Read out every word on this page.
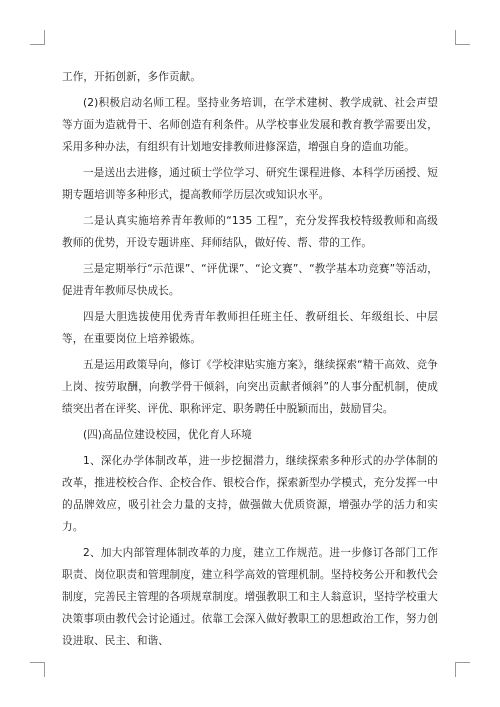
工作，开拓创新，多作贡献。

(2)积极启动名师工程。坚持业务培训，在学术建树、教学成就、社会声望等方面为造就骨干、名师创造有利条件。从学校事业发展和教育教学需要出发，采用多种办法，有组织有计划地安排教师进修深造，增强自身的造血功能。

一是送出去进修，通过硕士学位学习、研究生课程进修、本科学历函授、短期专题培训等多种形式，提高教师学历层次或知识水平。

二是认真实施培养青年教师的“135 工程”，充分发挥我校特级教师和高级教师的优势，开设专题讲座、拜师结队，做好传、帮、带的工作。

三是定期举行“示范课”、“评优课”、“论文赛”、“教学基本功竞赛”等活动，促进青年教师尽快成长。

四是大胆选拔使用优秀青年教师担任班主任、教研组长、年级组长、中层等，在重要岗位上培养锻炼。

五是运用政策导向，修订《学校津贴实施方案》，继续探索“精干高效、竞争上岗、按劳取酬，向教学骨干倾斜，向突出贡献者倾斜”的人事分配机制，使成绩突出者在评奖、评优、职称评定、职务聘任中脱颖而出，鼓励冒尖。

(四)高品位建设校园，优化育人环境

1、深化办学体制改革，进一步挖掘潜力，继续探索多种形式的办学体制的改革，推进校校合作、企校合作、银校合作，探索新型办学模式，充分发挥一中的品牌效应，吸引社会力量的支持，做强做大优质资源，增强办学的活力和实力。

2、加大内部管理体制改革的力度，建立工作规范。进一步修订各部门工作职责、岗位职责和管理制度，建立科学高效的管理机制。坚持校务公开和教代会制度，完善民主管理的各项规章制度。增强教职工和主人翁意识，坚持学校重大决策事项由教代会讨论通过。依靠工会深入做好教职工的思想政治工作，努力创设进取、民主、和谐、
